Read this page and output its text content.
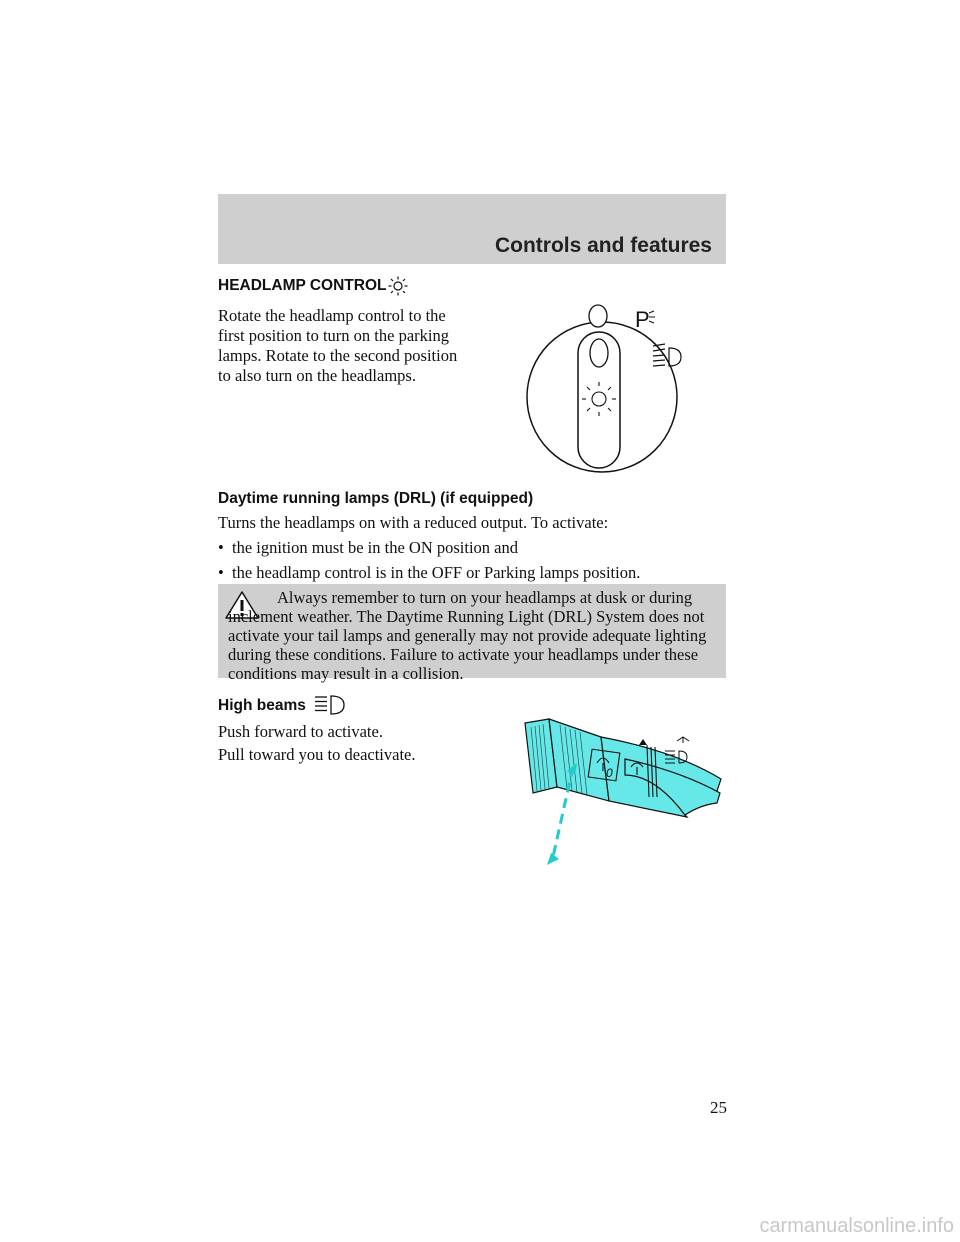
Controls and features
HEADLAMP CONTROL
Rotate the headlamp control to the
first position to turn on the parking
lamps. Rotate to the second position
to also turn on the headlamps.
P
Daytime running lamps (DRL) (if equipped)
Turns the headlamps on with a reduced output. To activate:
• the ignition must be in the ON position and
• the headlamp control is in the OFF or Parking lamps position.
Always remember to turn on your headlamps at dusk or during inclement weather. The Daytime Running Light (DRL) System does not activate your tail lamps and generally may not provide adequate lighting during these conditions. Failure to activate your headlamps under these conditions may result in a collision.
High beams
Push forward to activate.
Pull toward you to deactivate.
0
25
carmanualsonline.info
